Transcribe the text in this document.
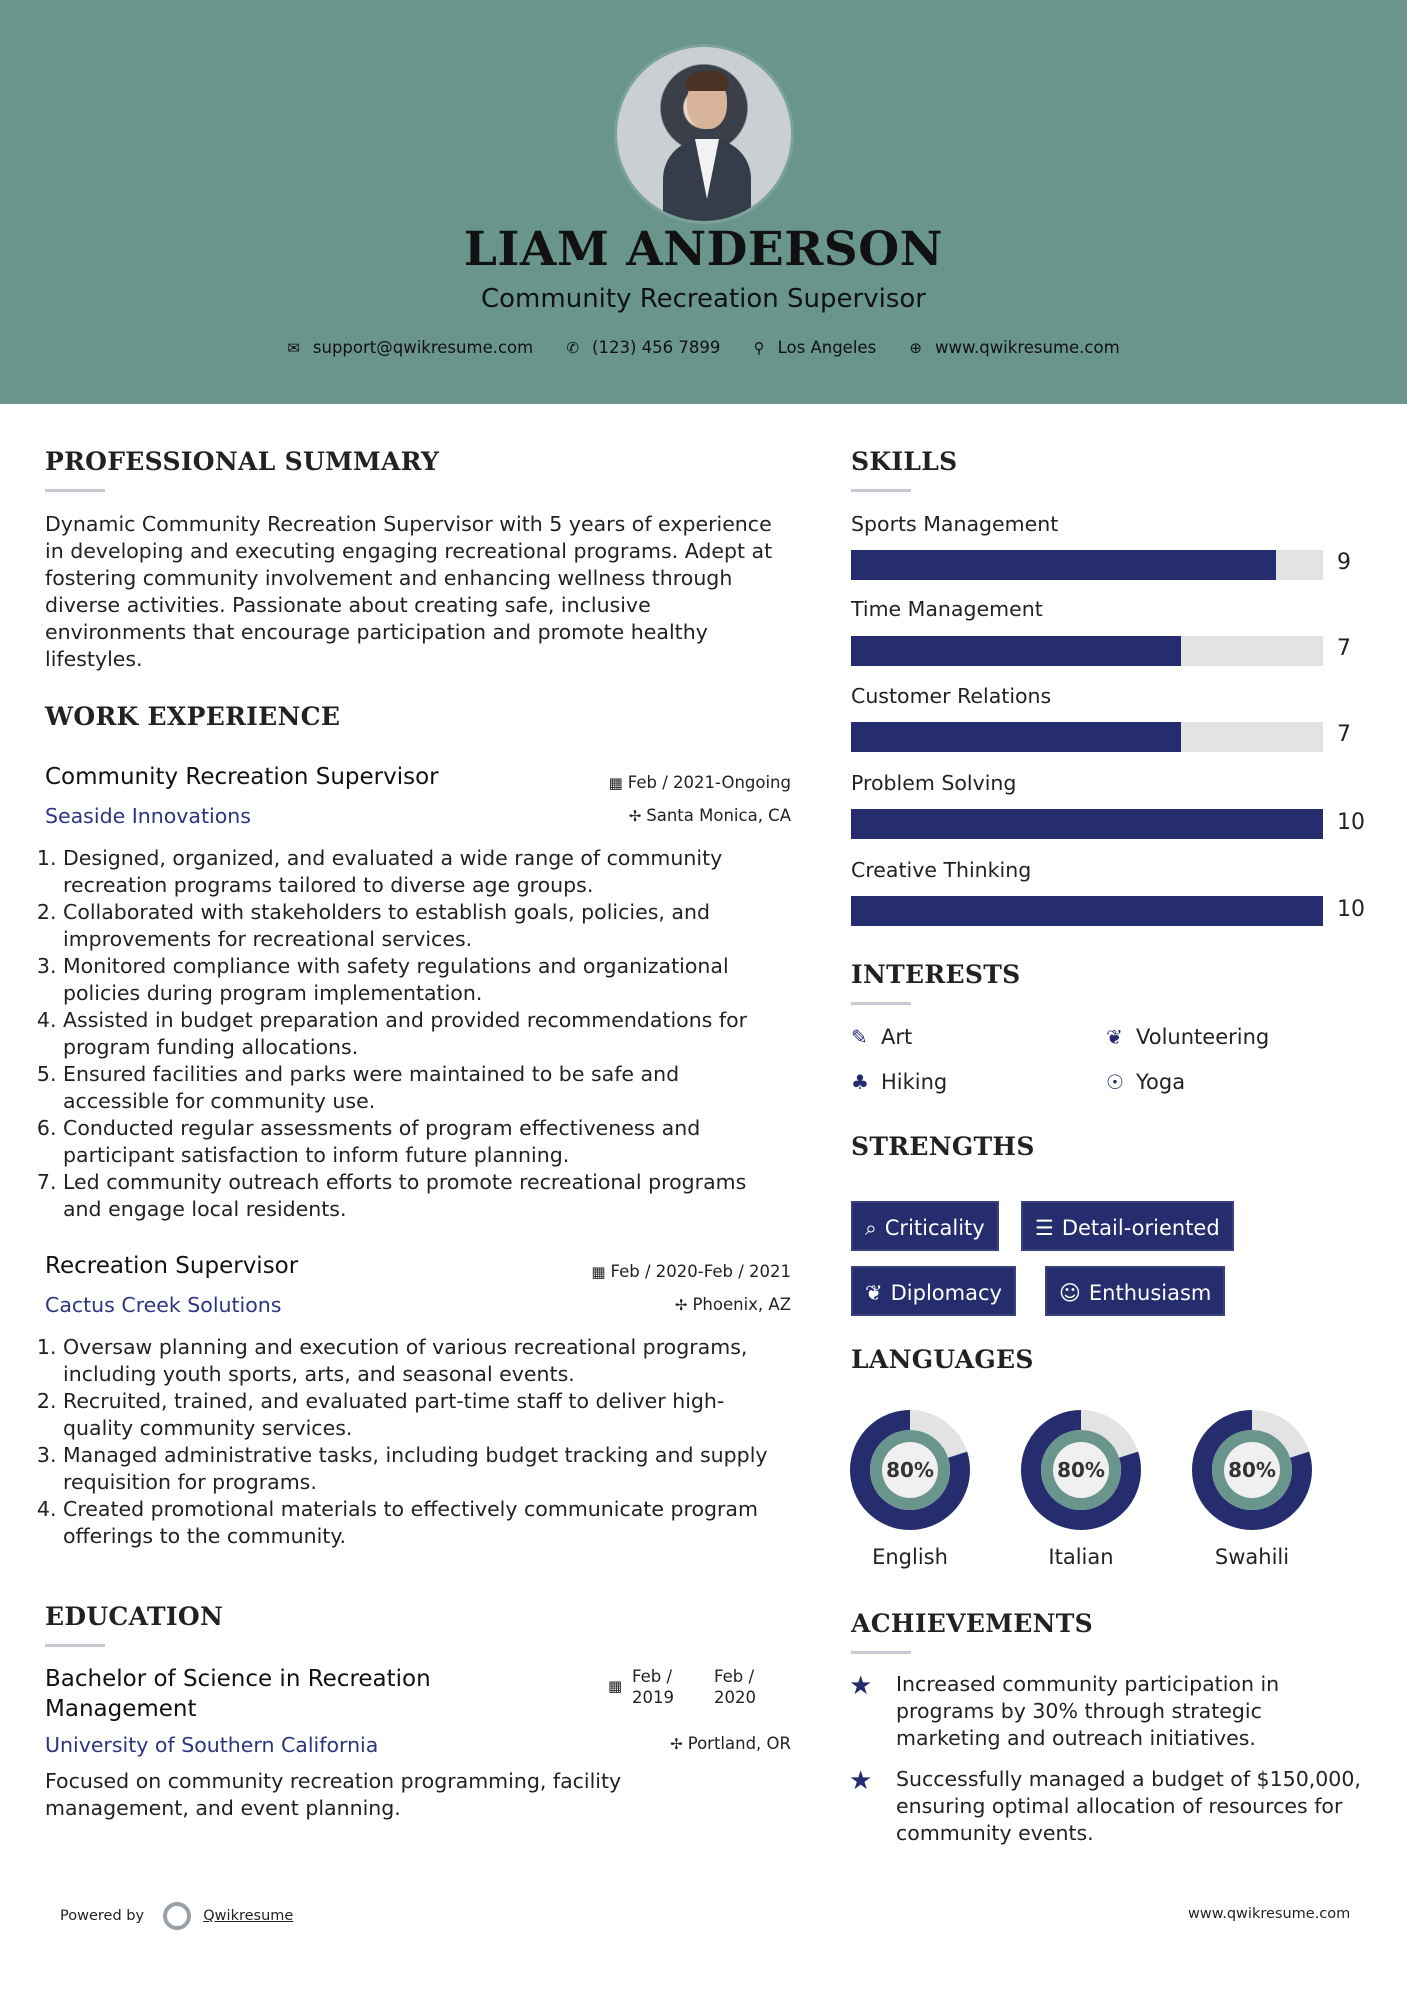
LIAM ANDERSON
Community Recreation Supervisor
✉ support@qwikresume.com ✆ (123) 456 7899 ⚲ Los Angeles ⊕ www.qwikresume.com
PROFESSIONAL SUMMARY
Dynamic Community Recreation Supervisor with 5 years of experience
in developing and executing engaging recreational programs. Adept at
fostering community involvement and enhancing wellness through
diverse activities. Passionate about creating safe, inclusive
environments that encourage participation and promote healthy
lifestyles.
WORK EXPERIENCE
Community Recreation Supervisor	▦ Feb / 2021-Ongoing
Seaside Innovations	✢ Santa Monica, CA
1. Designed, organized, and evaluated a wide range of community
recreation programs tailored to diverse age groups.
2. Collaborated with stakeholders to establish goals, policies, and
improvements for recreational services.
3. Monitored compliance with safety regulations and organizational
policies during program implementation.
4. Assisted in budget preparation and provided recommendations for
program funding allocations.
5. Ensured facilities and parks were maintained to be safe and
accessible for community use.
6. Conducted regular assessments of program effectiveness and
participant satisfaction to inform future planning.
7. Led community outreach efforts to promote recreational programs
and engage local residents.
Recreation Supervisor	▦ Feb / 2020-Feb / 2021
Cactus Creek Solutions	✢ Phoenix, AZ
1. Oversaw planning and execution of various recreational programs,
including youth sports, arts, and seasonal events.
2. Recruited, trained, and evaluated part-time staff to deliver high-
quality community services.
3. Managed administrative tasks, including budget tracking and supply
requisition for programs.
4. Created promotional materials to effectively communicate program
offerings to the community.
EDUCATION
Bachelor of Science in Recreation
Management
▦ Feb /
2019
Feb /
2020
University of Southern California	✢ Portland, OR
Focused on community recreation programming, facility
management, and event planning.
SKILLS
Sports Management
9
Time Management
7
Customer Relations
7
Problem Solving
10
Creative Thinking
10
INTERESTS
✎ Art	❦ Volunteering
♣ Hiking	☉ Yoga
STRENGTHS
⌕ Criticality	☰ Detail-oriented
❦ Diplomacy	☺ Enthusiasm
LANGUAGES
80%
English
80%
Italian
80%
Swahili
ACHIEVEMENTS
★ Increased community participation in
programs by 30% through strategic
marketing and outreach initiatives.
★ Successfully managed a budget of $150,000,
ensuring optimal allocation of resources for
community events.
Powered by	Qwikresume	www.qwikresume.com
